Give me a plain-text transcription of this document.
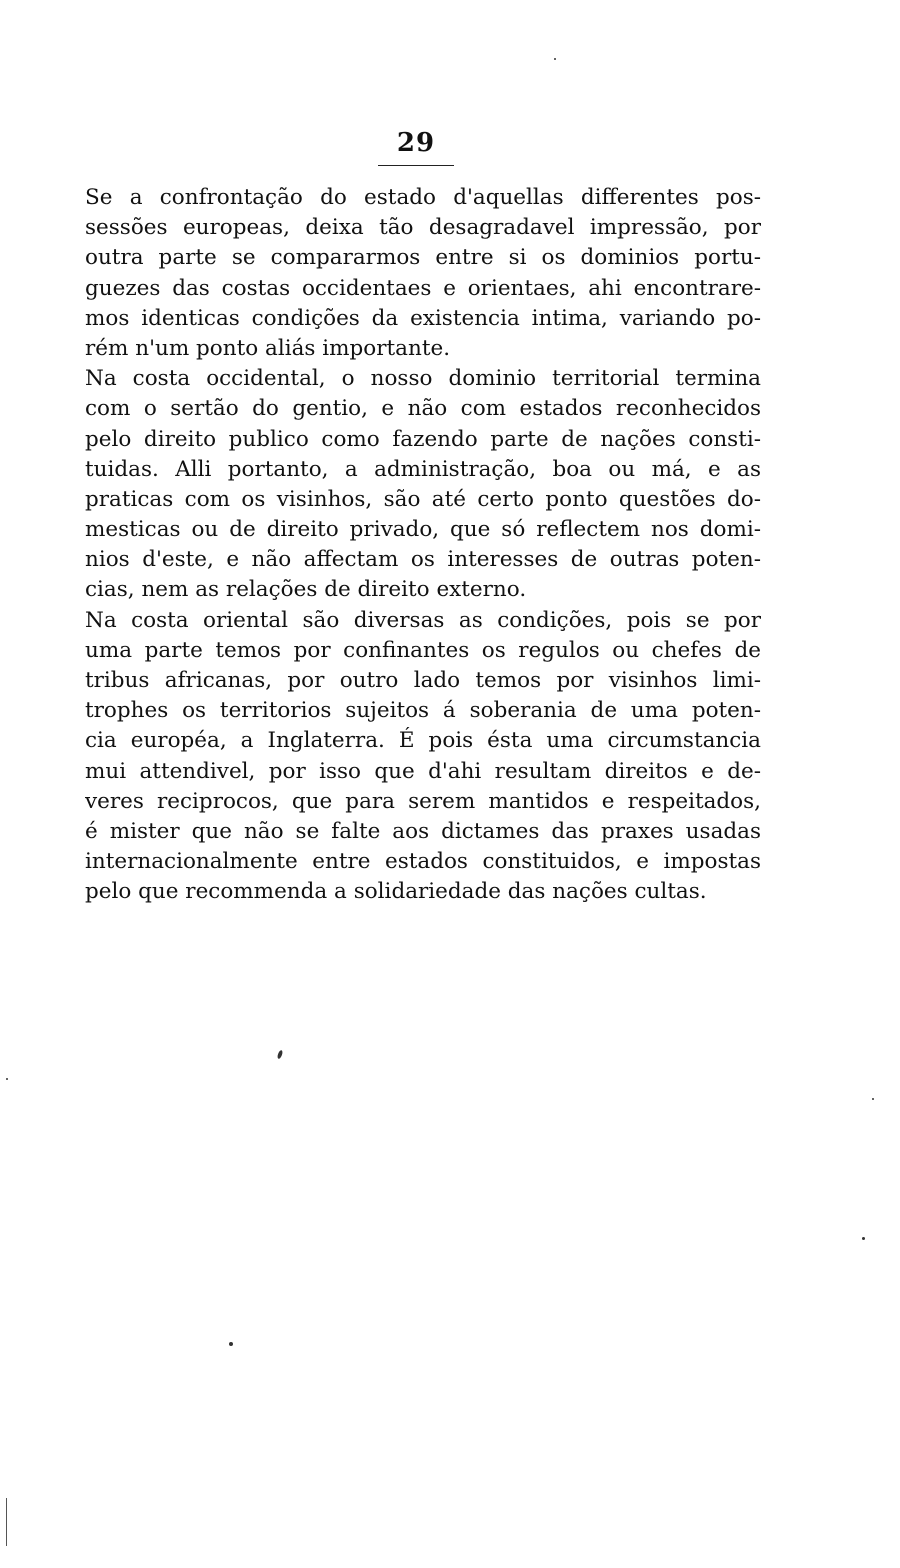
29
Se a confrontação do estado d'aquellas differentes pos-
sessões europeas, deixa tão desagradavel impressão, por
outra parte se compararmos entre si os dominios portu-
guezes das costas occidentaes e orientaes, ahi encontrare-
mos identicas condições da existencia intima, variando po-
rém n'um ponto aliás importante.
Na costa occidental, o nosso dominio territorial termina
com o sertão do gentio, e não com estados reconhecidos
pelo direito publico como fazendo parte de nações consti-
tuidas. Alli portanto, a administração, boa ou má, e as
praticas com os visinhos, são até certo ponto questões do-
mesticas ou de direito privado, que só reflectem nos domi-
nios d'este, e não affectam os interesses de outras poten-
cias, nem as relações de direito externo.
Na costa oriental são diversas as condições, pois se por
uma parte temos por confinantes os regulos ou chefes de
tribus africanas, por outro lado temos por visinhos limi-
trophes os territorios sujeitos á soberania de uma poten-
cia européa, a Inglaterra. É pois ésta uma circumstancia
mui attendivel, por isso que d'ahi resultam direitos e de-
veres reciprocos, que para serem mantidos e respeitados,
é mister que não se falte aos dictames das praxes usadas
internacionalmente entre estados constituidos, e impostas
pelo que recommenda a solidariedade das nações cultas.
